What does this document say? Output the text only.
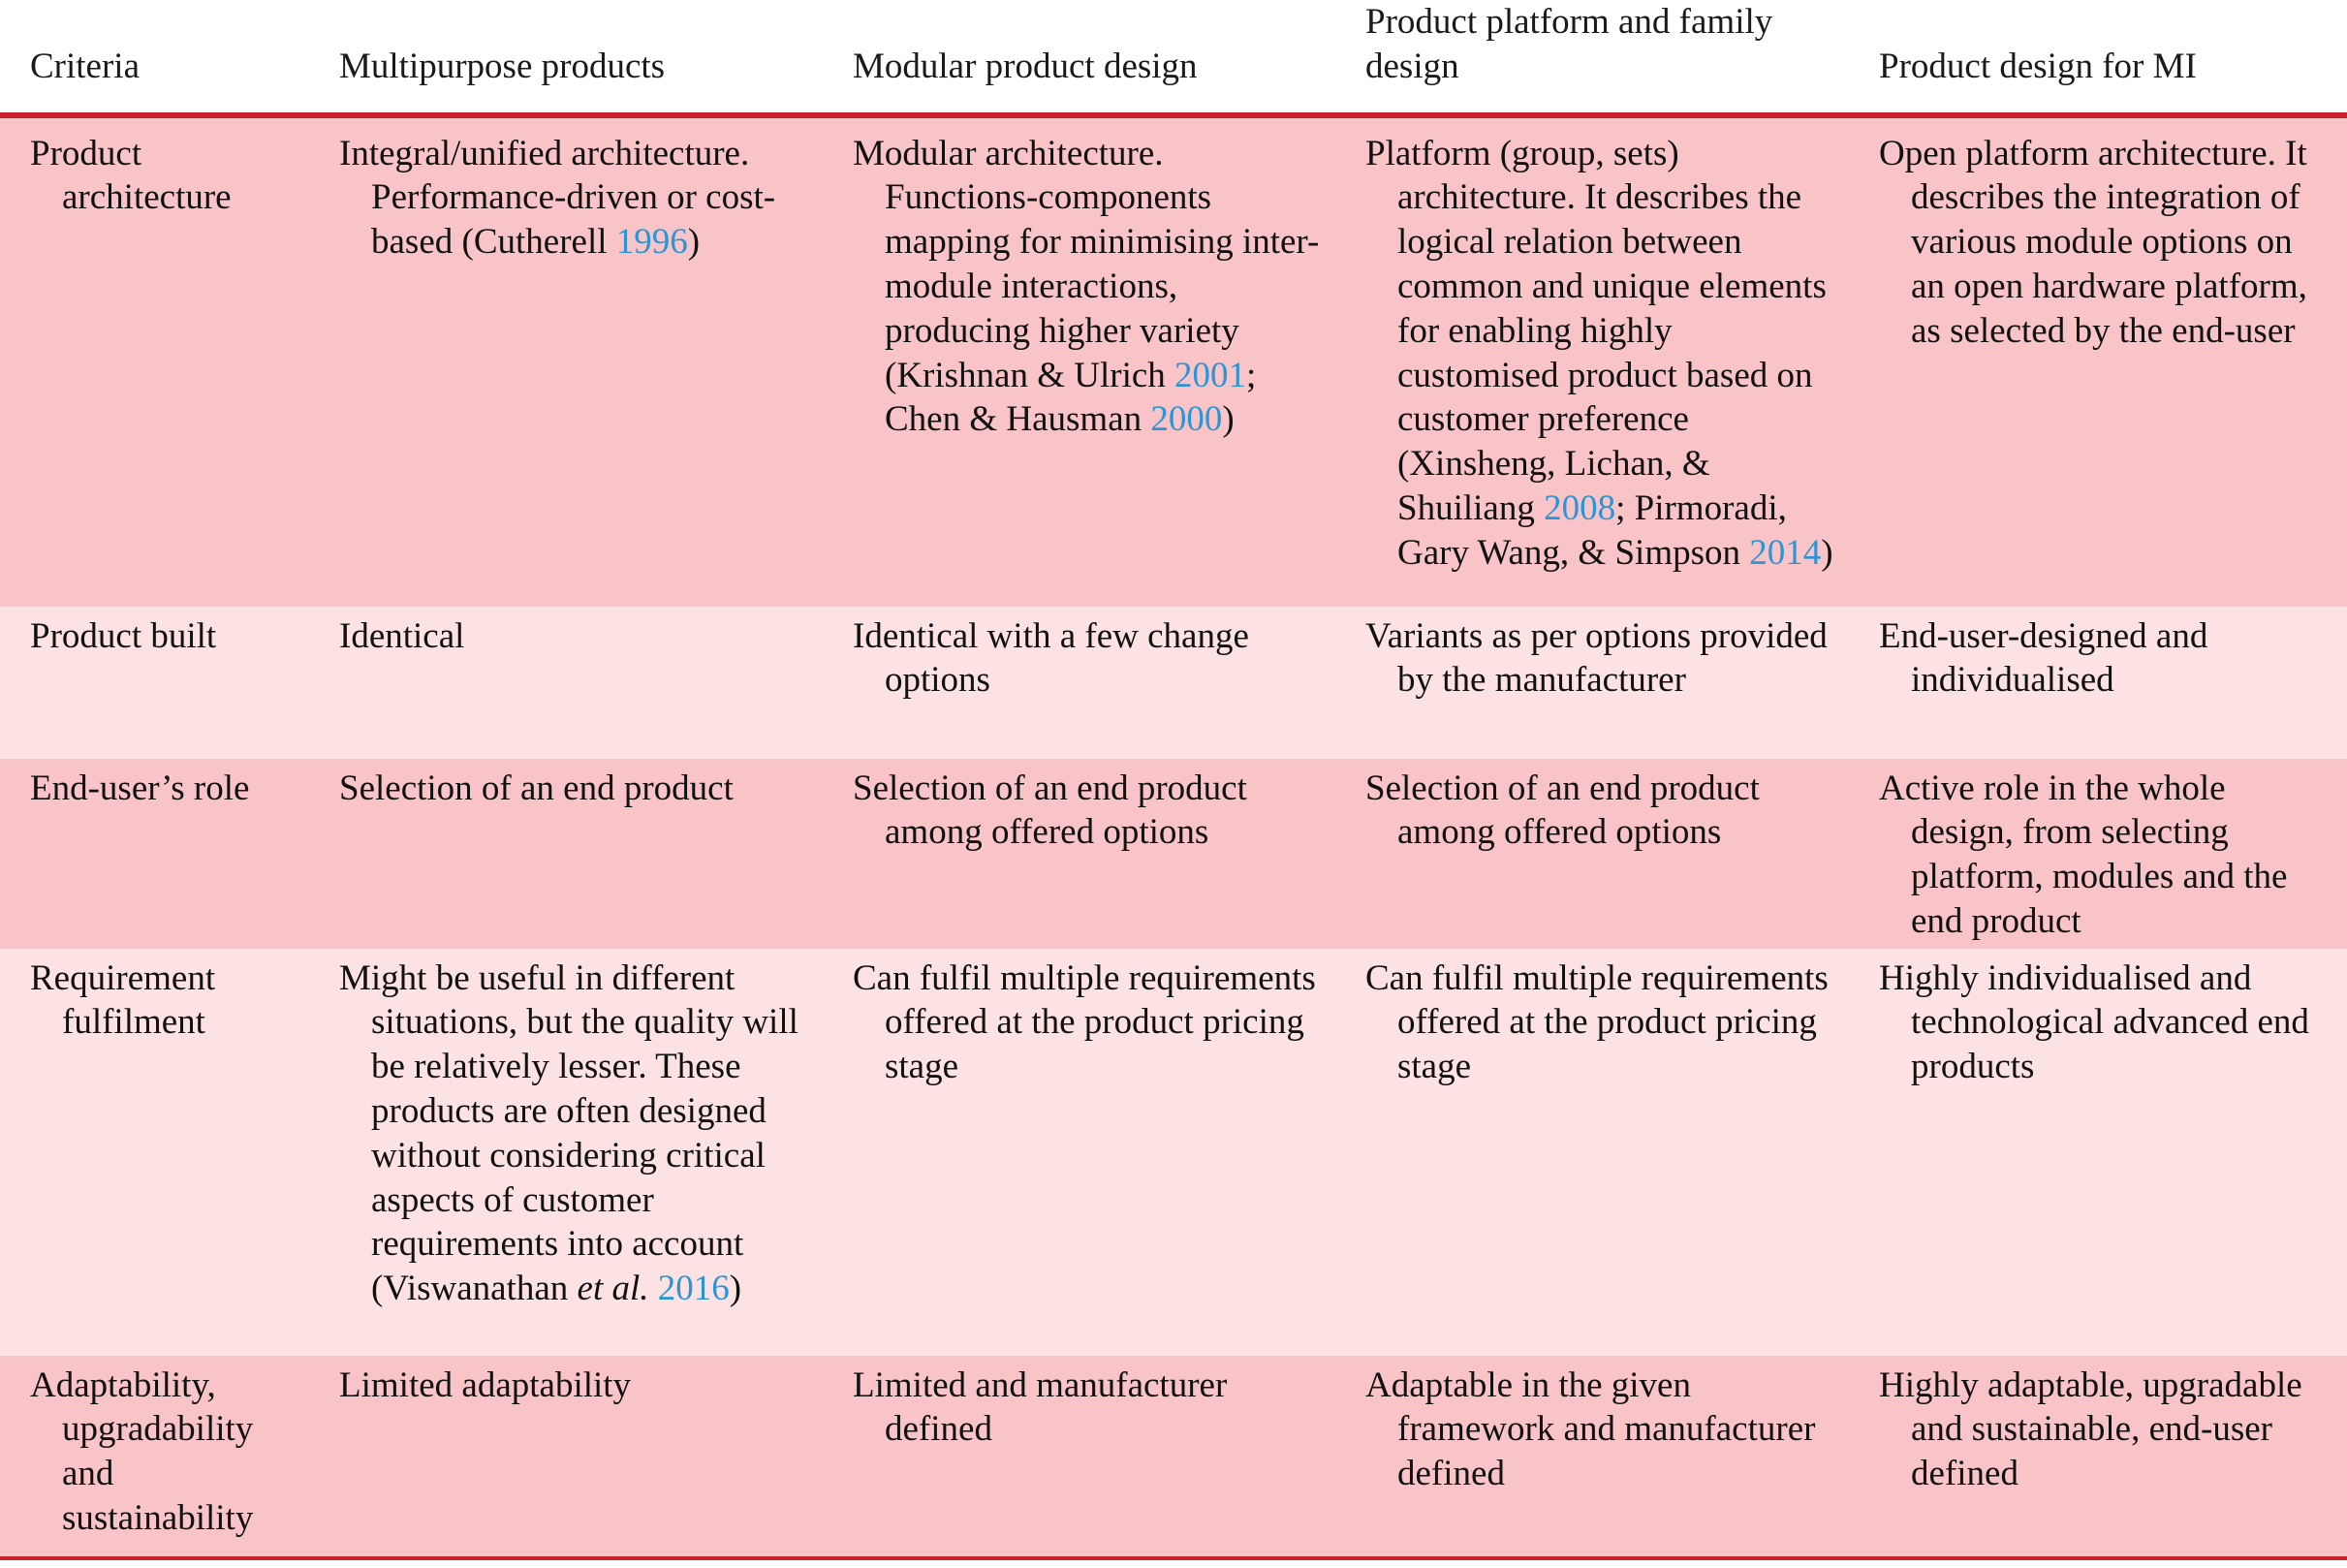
Criteria	Multipurpose products	Modular product design	Product platform and family design	Product design for MI

Product architecture	Integral/unified architecture. Performance-driven or cost-based (Cutherell 1996)	Modular architecture. Functions-components mapping for minimising inter-module interactions, producing higher variety (Krishnan & Ulrich 2001; Chen & Hausman 2000)	Platform (group, sets) architecture. It describes the logical relation between common and unique elements for enabling highly customised product based on customer preference (Xinsheng, Lichan, & Shuiliang 2008; Pirmoradi, Gary Wang, & Simpson 2014)	Open platform architecture. It describes the integration of various module options on an open hardware platform, as selected by the end-user

Product built	Identical	Identical with a few change options	Variants as per options provided by the manufacturer	End-user-designed and individualised

End-user’s role	Selection of an end product	Selection of an end product among offered options	Selection of an end product among offered options	Active role in the whole design, from selecting platform, modules and the end product

Requirement fulfilment	Might be useful in different situations, but the quality will be relatively lesser. These products are often designed without considering critical aspects of customer requirements into account (Viswanathan et al. 2016)	Can fulfil multiple requirements offered at the product pricing stage	Can fulfil multiple requirements offered at the product pricing stage	Highly individualised and technological advanced end products

Adaptability, upgradability and sustainability	Limited adaptability	Limited and manufacturer defined	Adaptable in the given framework and manufacturer defined	Highly adaptable, upgradable and sustainable, end-user defined
